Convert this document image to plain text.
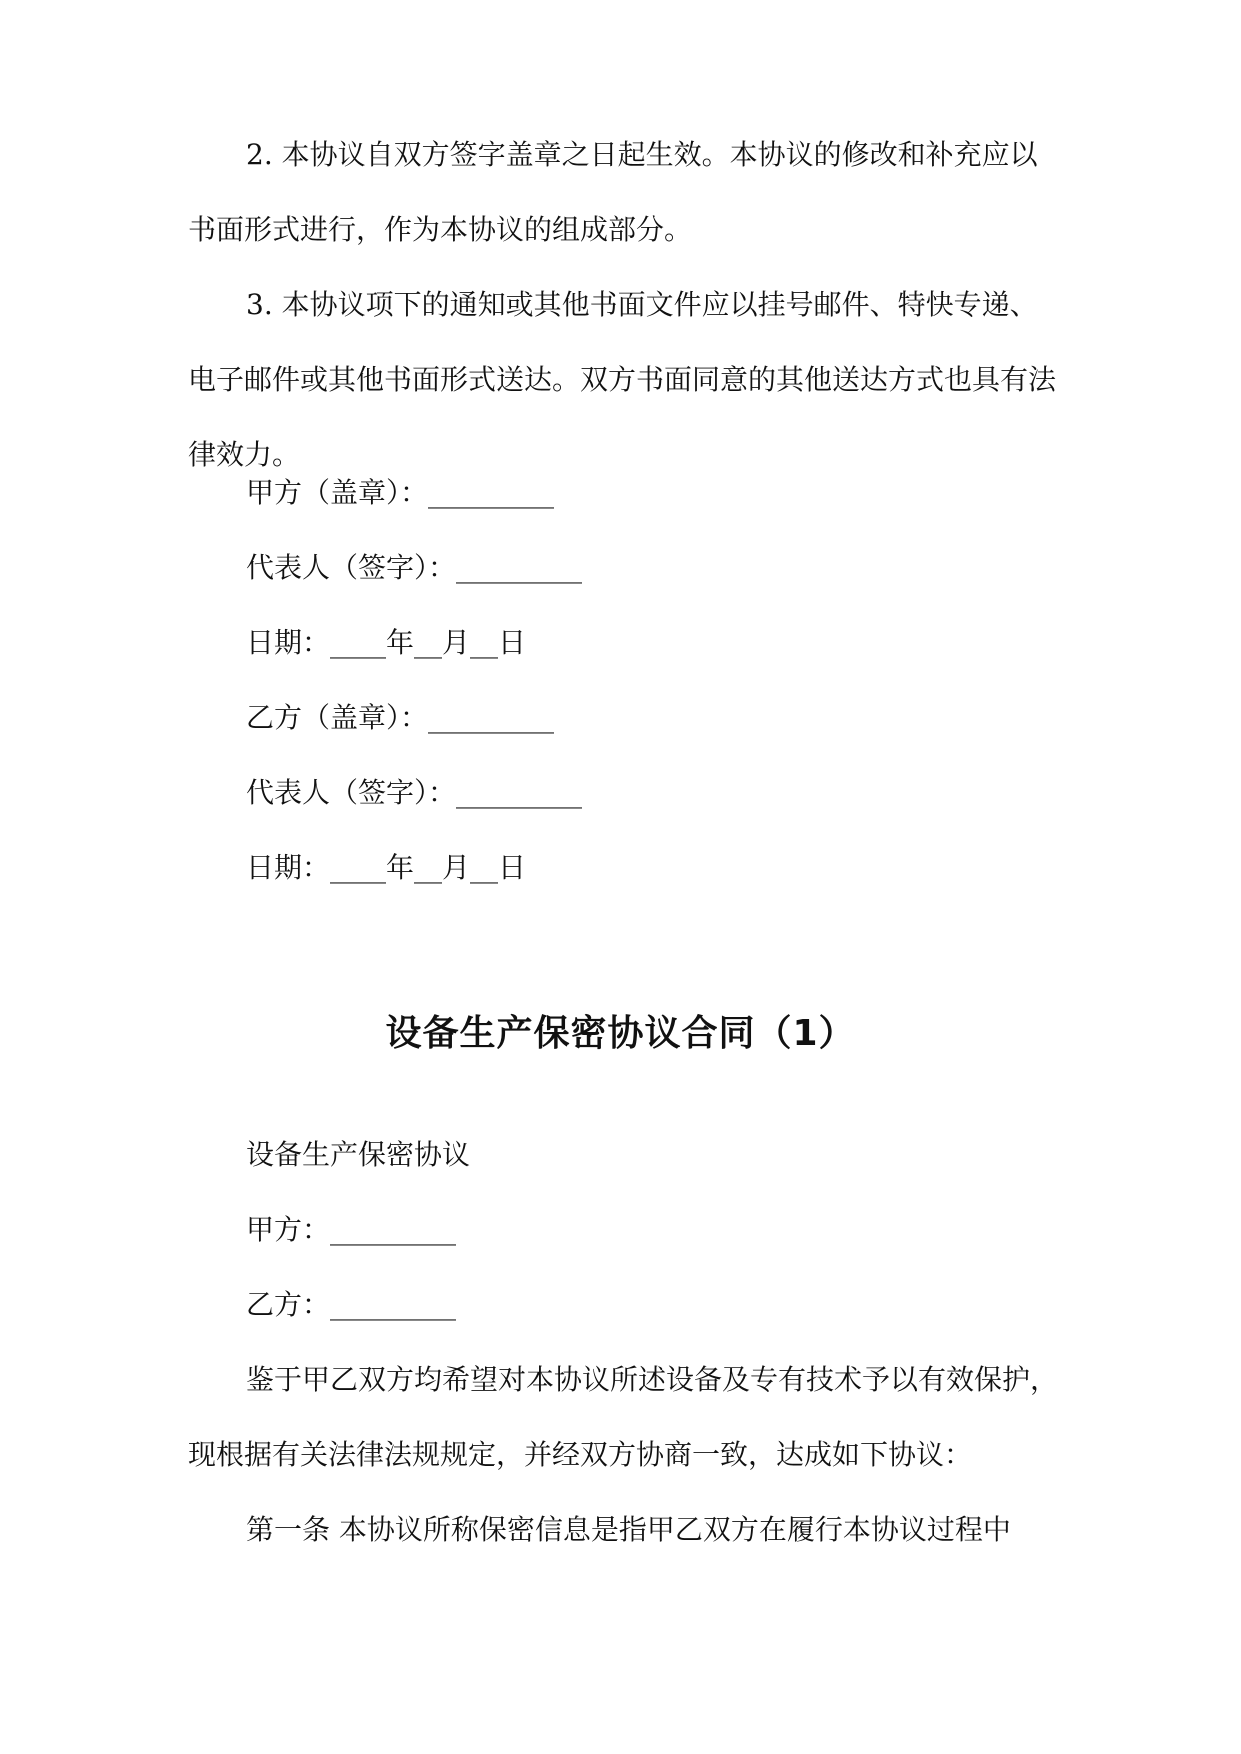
2. 本协议自双方签字盖章之日起生效。本协议的修改和补充应以书面形式进行，作为本协议的组成部分。

3. 本协议项下的通知或其他书面文件应以挂号邮件、特快专递、电子邮件或其他书面形式送达。双方书面同意的其他送达方式也具有法律效力。

甲方（盖章）：_________

代表人（签字）：_________

日期：____年__月__日

乙方（盖章）：_________

代表人（签字）：_________

日期：____年__月__日

设备生产保密协议合同（1）

设备生产保密协议

甲方：_________

乙方：_________

鉴于甲乙双方均希望对本协议所述设备及专有技术予以有效保护，现根据有关法律法规规定，并经双方协商一致，达成如下协议：

第一条 本协议所称保密信息是指甲乙双方在履行本协议过程中
